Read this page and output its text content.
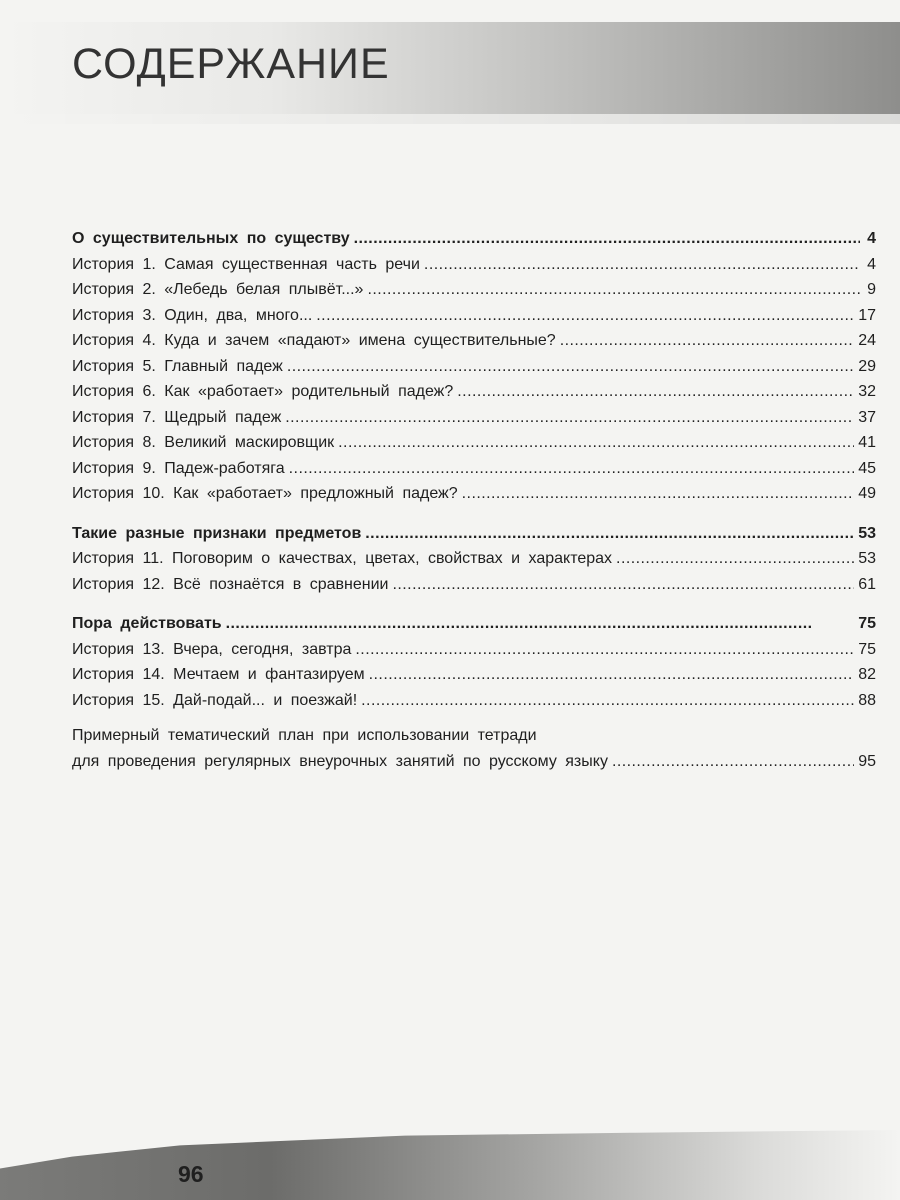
СОДЕРЖАНИЕ
О существительных по существу . . .	4
История 1. Самая существенная часть речи . . .	4
История 2. «Лебедь белая плывёт...» . . .	9
История 3. Один, два, много... . . .	17
История 4. Куда и зачем «падают» имена существительные? . . .	24
История 5. Главный падеж . . .	29
История 6. Как «работает» родительный падеж? . . .	32
История 7. Щедрый падеж . . .	37
История 8. Великий маскировщик . . .	41
История 9. Падеж-работяга . . .	45
История 10. Как «работает» предложный падеж? . . .	49
Такие разные признаки предметов . . .	53
История 11. Поговорим о качествах, цветах, свойствах и характерах . . .	53
История 12. Всё познаётся в сравнении . . .	61
Пора действовать . . .	75
История 13. Вчера, сегодня, завтра . . .	75
История 14. Мечтаем и фантазируем . . .	82
История 15. Дай-подай... и поезжай! . . .	88
Примерный тематический план при использовании тетради
для проведения регулярных внеурочных занятий по русскому языку . . .	95
96
